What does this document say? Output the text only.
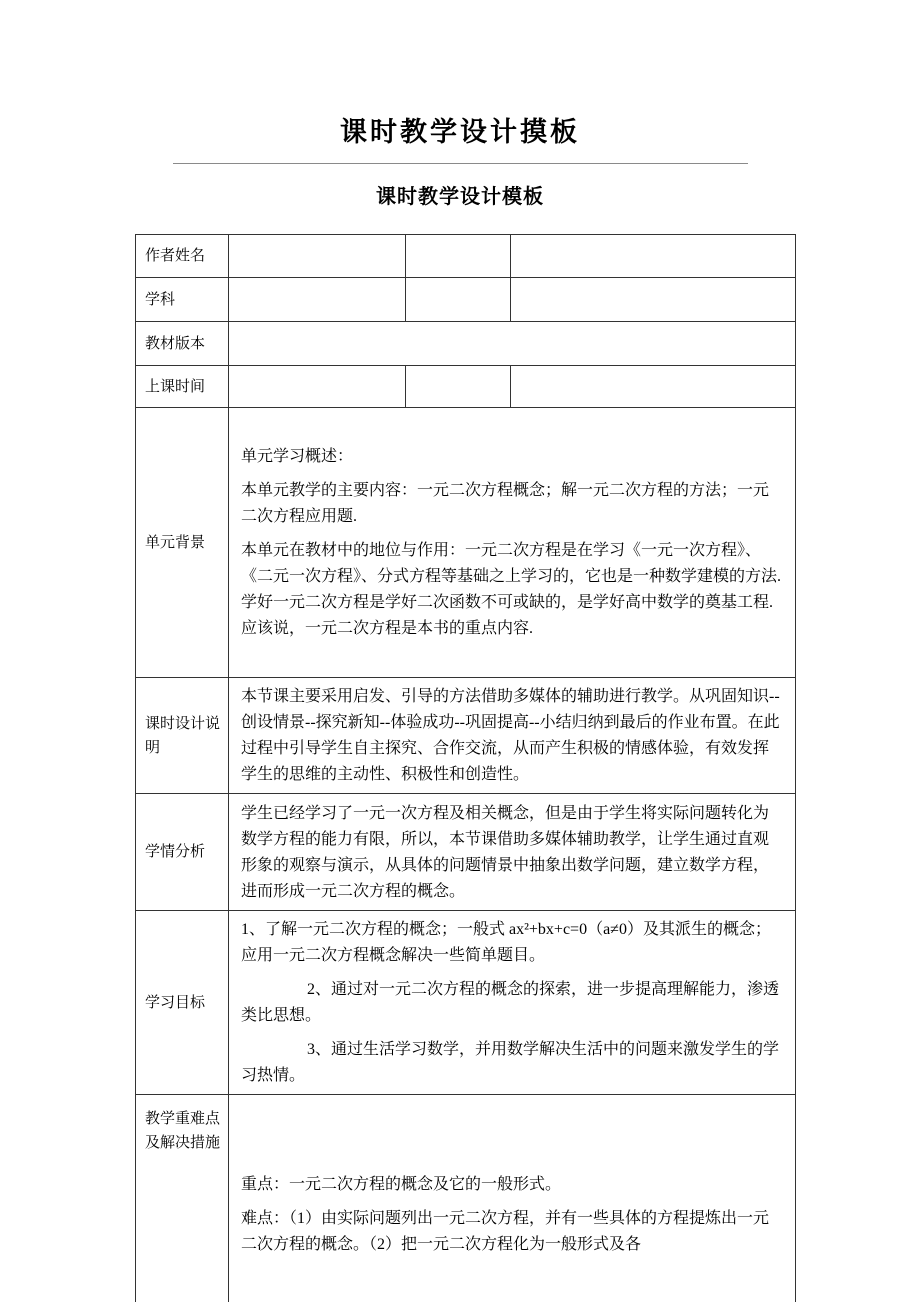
课时教学设计摸板
课时教学设计模板
作者姓名			
学科			
教材版本			
上课时间			
单元背景	单元学习概述：

本单元教学的主要内容：一元二次方程概念；解一元二次方程的方法；一元二次方程应用题.

本单元在教材中的地位与作用：一元二次方程是在学习《一元一次方程》、《二元一次方程》、分式方程等基础之上学习的，它也是一种数学建模的方法.学好一元二次方程是学好二次函数不可或缺的，是学好高中数学的奠基工程. 应该说，一元二次方程是本书的重点内容.		

课时设计说明	本节课主要采用启发、引导的方法借助多媒体的辅助进行教学。从巩固知识--创设情景--探究新知--体验成功--巩固提高--小结归纳到最后的作业布置。在此过程中引导学生自主探究、合作交流，从而产生积极的情感体验，有效发挥学生的思维的主动性、积极性和创造性。		

学情分析	学生已经学习了一元一次方程及相关概念，但是由于学生将实际问题转化为数学方程的能力有限，所以，本节课借助多媒体辅助教学，让学生通过直观形象的观察与演示，从具体的问题情景中抽象出数学问题，建立数学方程，进而形成一元二次方程的概念。		

学习目标	1、了解一元二次方程的概念；一般式 ax²+bx+c=0（a≠0）及其派生的概念；　应用一元二次方程概念解决一些简单题目。

2、通过对一元二次方程的概念的探索，进一步提高理解能力，渗透类比思想。

3、通过生活学习数学，并用数学解决生活中的问题来激发学生的学习热情。		

教学重难点及解决措施	重点：一元二次方程的概念及它的一般形式。

难点：（1）由实际问题列出一元二次方程，并有一些具体的方程提炼出一元二次方程的概念。（2）把一元二次方程化为一般形式及各		
